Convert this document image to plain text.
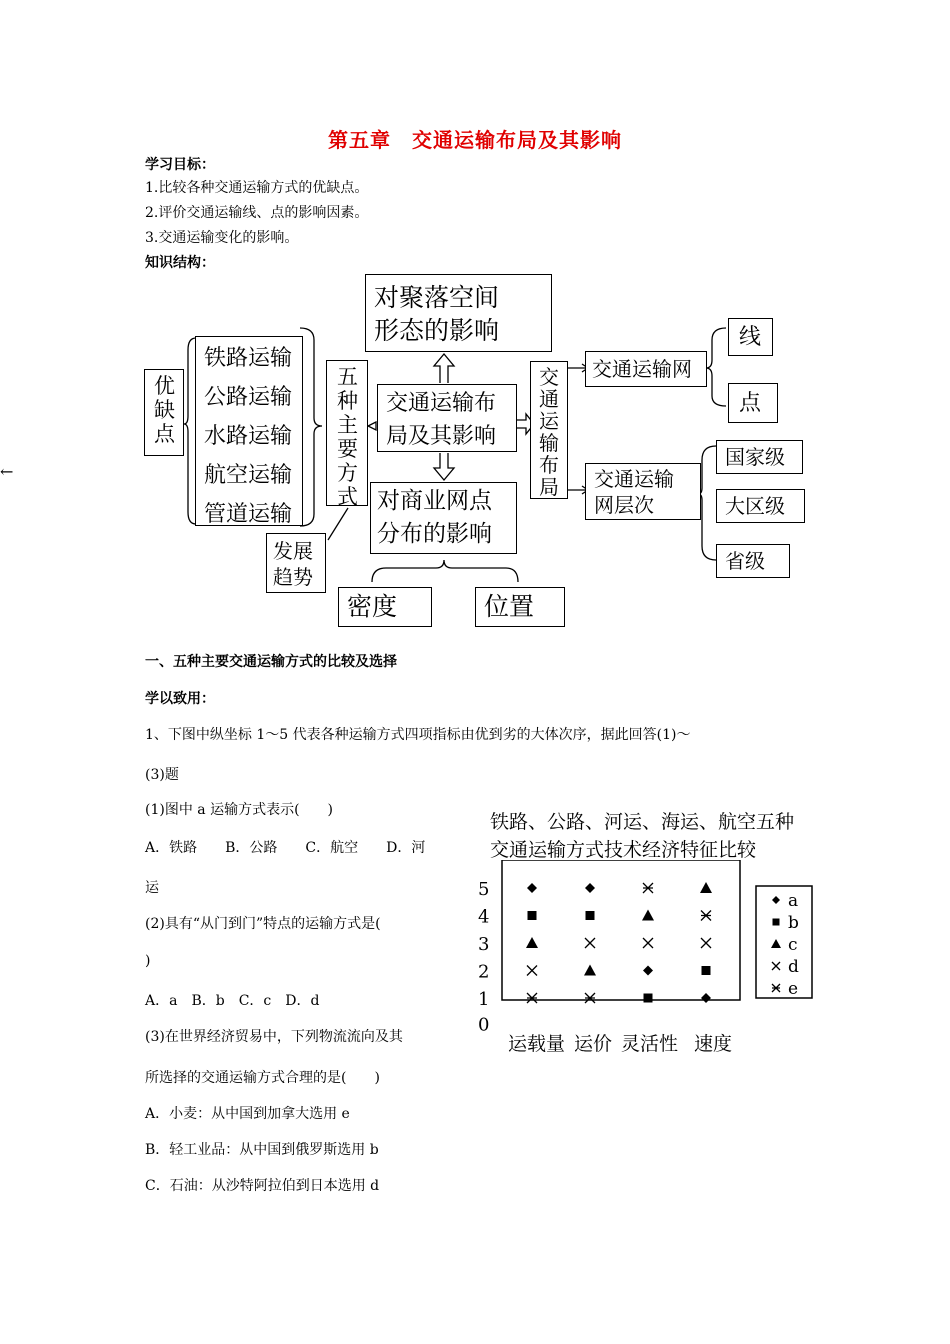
←
第五章　交通运输布局及其影响
学习目标：
1.比较各种交通运输方式的优缺点。
2.评价交通运输线、点的影响因素。
3.交通运输变化的影响。
知识结构：
优缺点
铁路运输
公路运输
水路运输
航空运输
管道运输
五种主要方式
发展
趋势
对聚落空间
形态的影响
交通运输布
局及其影响
对商业网点
分布的影响
密度	位置
交通运输布局
交通运输网
线
点
交通运输
网层次
国家级
大区级
省级
一、五种主要交通运输方式的比较及选择
学以致用：
1、下图中纵坐标 1～5 代表各种运输方式四项指标由优到劣的大体次序，据此回答(1)～
(3)题
(1)图中 a 运输方式表示(　　)
A．铁路　　B．公路　　C．航空　　D．河
运
(2)具有“从门到门”特点的运输方式是(
)
A．a　B．b　C．c　D．d
(3)在世界经济贸易中，下列物流流向及其
所选择的交通运输方式合理的是(　　)
A．小麦：从中国到加拿大选用 e
B．轻工业品：从中国到俄罗斯选用 b
C．石油：从沙特阿拉伯到日本选用 d
铁路、公路、河运、海运、航空五种
交通运输方式技术经济特征比较
5
4
3
2
1
0
运载量 运价 灵活性 速度
a
b
c
d
e
